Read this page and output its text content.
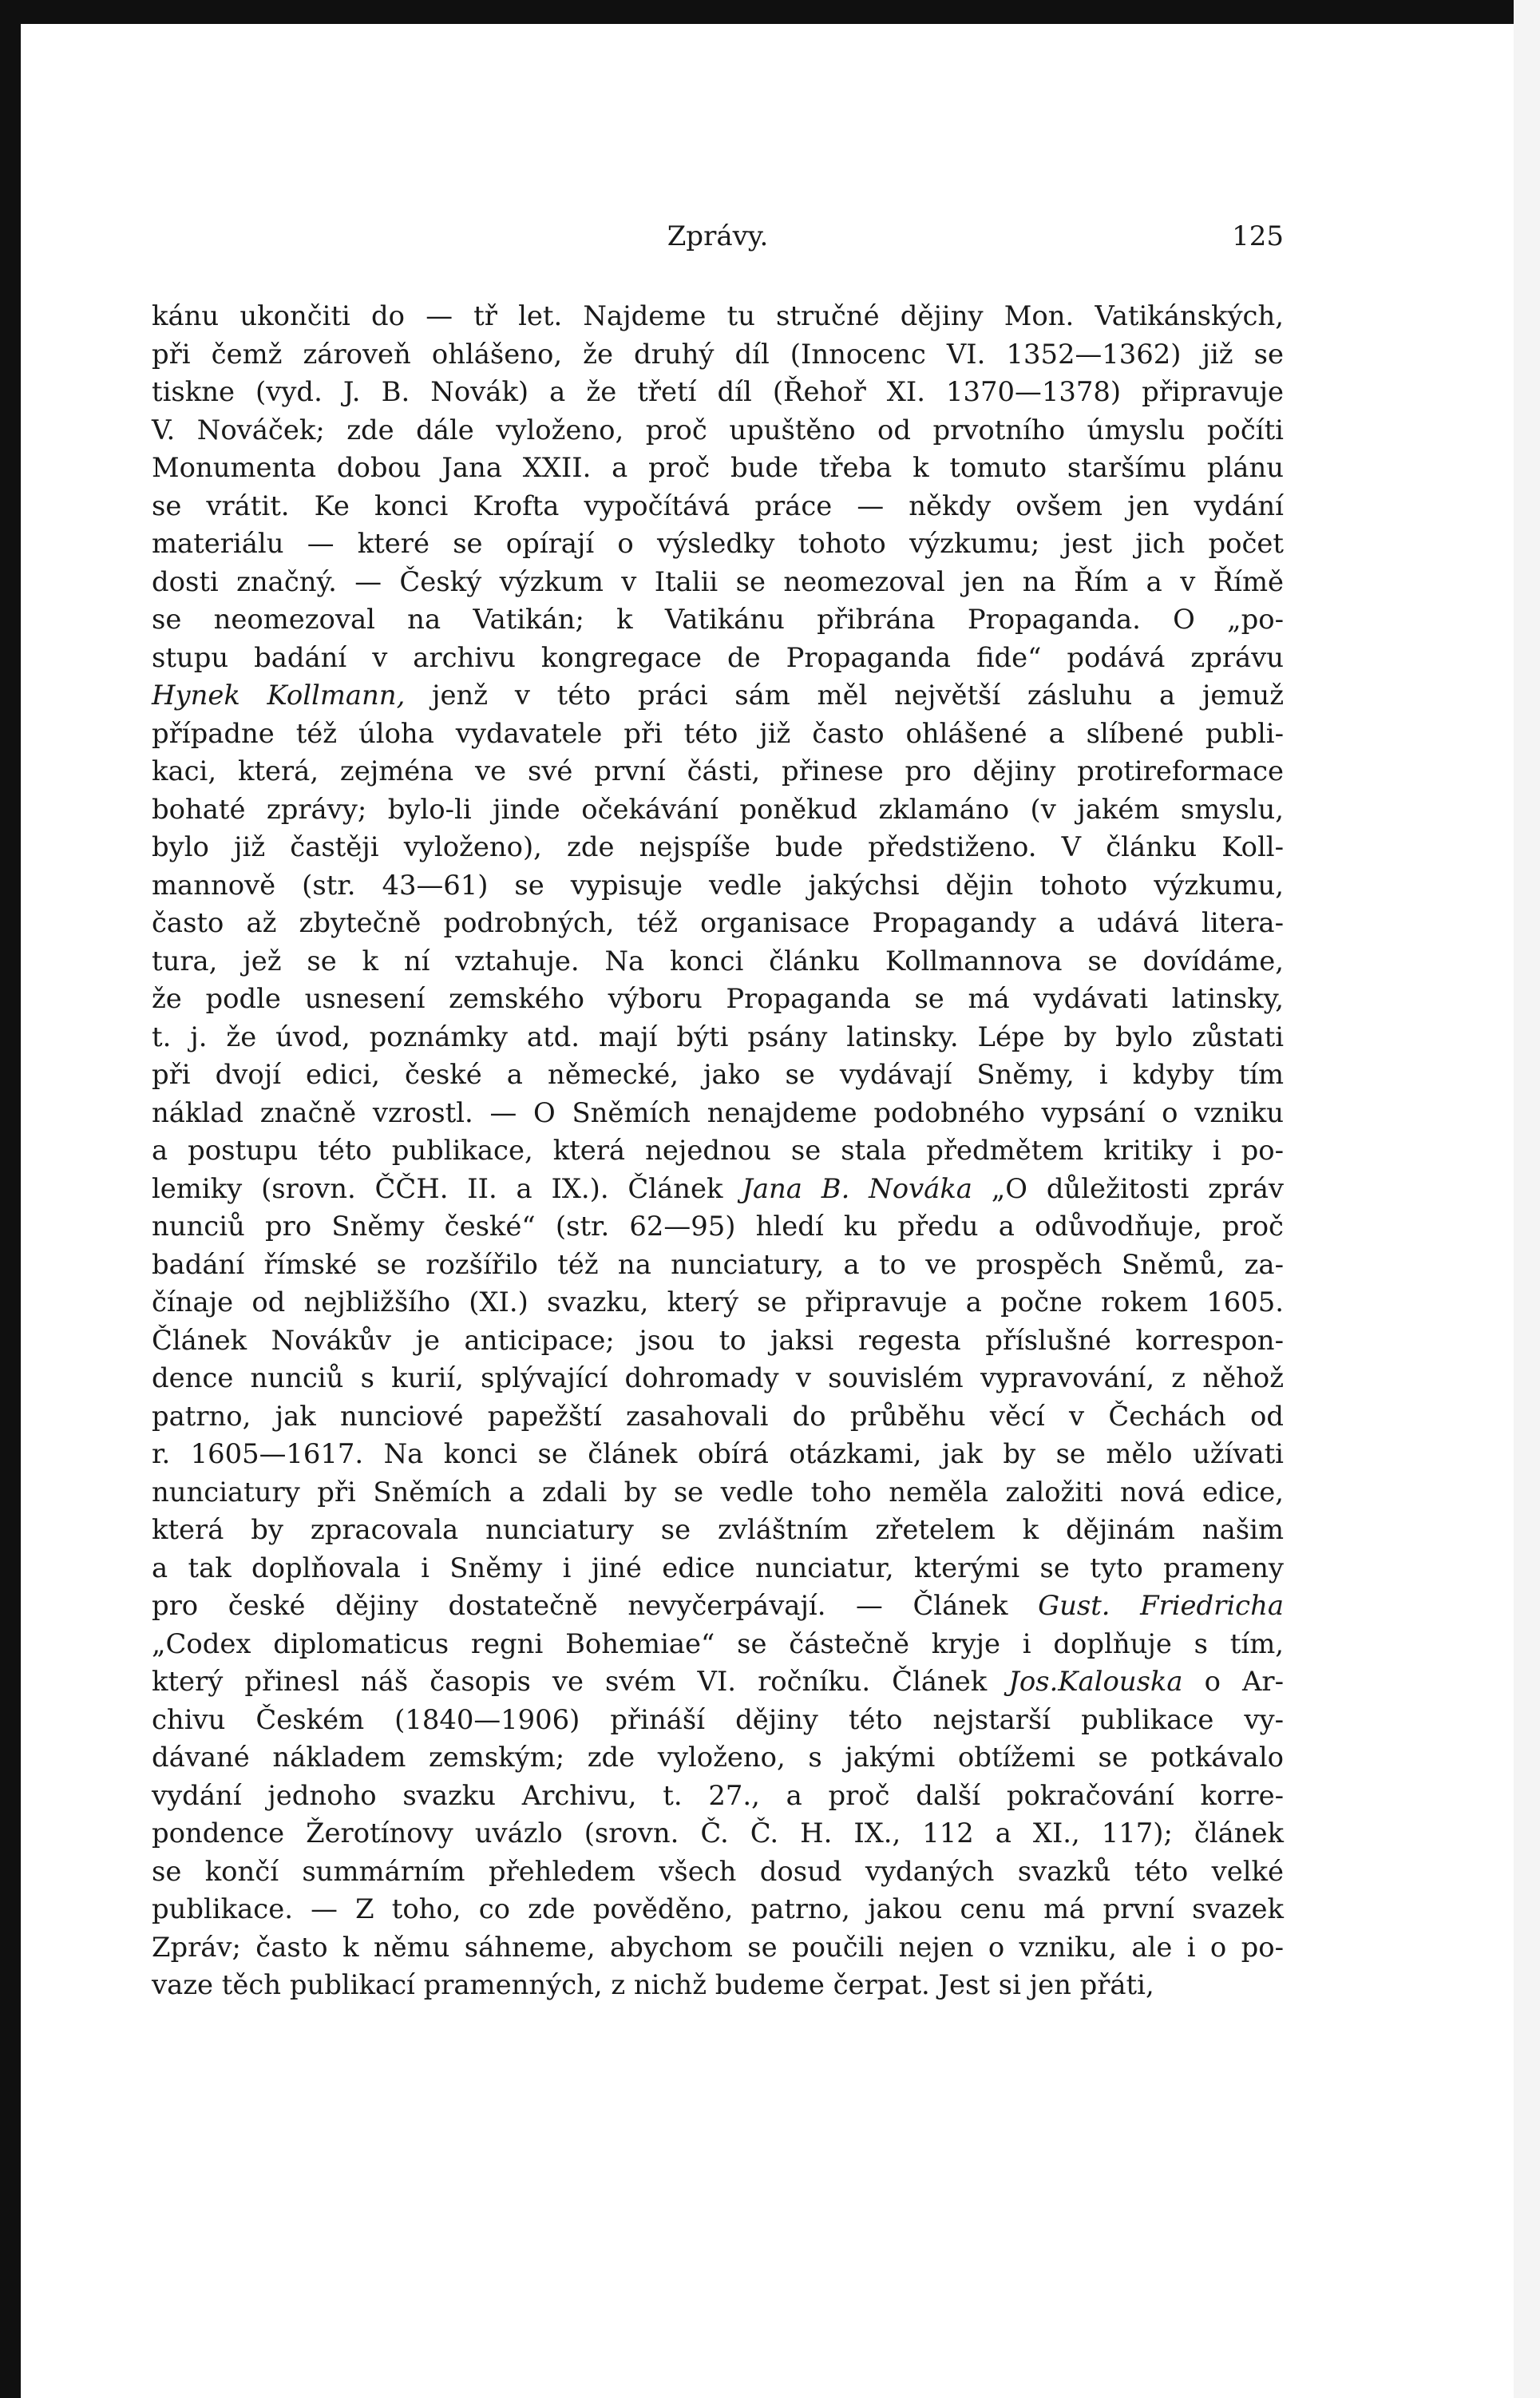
Zprávy.	125
kánu ukončiti do — tř let. Najdeme tu stručné dějiny Mon. Vatikánských,
při čemž zároveň ohlášeno, že druhý díl (Innocenc VI. 1352—1362) již se
tiskne (vyd. J. B. Novák) a že třetí díl (Řehoř XI. 1370—1378) připravuje
V. Nováček; zde dále vyloženo, proč upuštěno od prvotního úmyslu počíti
Monumenta dobou Jana XXII. a proč bude třeba k tomuto staršímu plánu
se vrátit. Ke konci Krofta vypočítává práce — někdy ovšem jen vydání
materiálu — které se opírají o výsledky tohoto výzkumu; jest jich počet
dosti značný. — Český výzkum v Italii se neomezoval jen na Řím a v Římě
se neomezoval na Vatikán; k Vatikánu přibrána Propaganda. O „po-
stupu badání v archivu kongregace de Propaganda fide“ podává zprávu
Hynek Kollmann, jenž v této práci sám měl největší zásluhu a jemuž
případne též úloha vydavatele při této již často ohlášené a slíbené publi-
kaci, která, zejména ve své první části, přinese pro dějiny protireformace
bohaté zprávy; bylo-li jinde očekávání poněkud zklamáno (v jakém smyslu,
bylo již častěji vyloženo), zde nejspíše bude předstiženo. V článku Koll-
mannově (str. 43—61) se vypisuje vedle jakýchsi dějin tohoto výzkumu,
často až zbytečně podrobných, též organisace Propagandy a udává litera-
tura, jež se k ní vztahuje. Na konci článku Kollmannova se dovídáme,
že podle usnesení zemského výboru Propaganda se má vydávati latinsky,
t. j. že úvod, poznámky atd. mají býti psány latinsky. Lépe by bylo zůstati
při dvojí edici, české a německé, jako se vydávají Sněmy, i kdyby tím
náklad značně vzrostl. — O Sněmích nenajdeme podobného vypsání o vzniku
a postupu této publikace, která nejednou se stala předmětem kritiky i po-
lemiky (srovn. ČČH. II. a IX.). Článek Jana B. Nováka „O důležitosti zpráv
nunciů pro Sněmy české“ (str. 62—95) hledí ku předu a odůvodňuje, proč
badání římské se rozšířilo též na nunciatury, a to ve prospěch Sněmů, za-
čínaje od nejbližšího (XI.) svazku, který se připravuje a počne rokem 1605.
Článek Novákův je anticipace; jsou to jaksi regesta příslušné korrespon-
dence nunciů s kurií, splývající dohromady v souvislém vypravování, z něhož
patrno, jak nunciové papežští zasahovali do průběhu věcí v Čechách od
r. 1605—1617. Na konci se článek obírá otázkami, jak by se mělo užívati
nunciatury při Sněmích a zdali by se vedle toho neměla založiti nová edice,
která by zpracovala nunciatury se zvláštním zřetelem k dějinám našim
a tak doplňovala i Sněmy i jiné edice nunciatur, kterými se tyto prameny
pro české dějiny dostatečně nevyčerpávají. — Článek Gust. Friedricha
„Codex diplomaticus regni Bohemiae“ se částečně kryje i doplňuje s tím,
který přinesl náš časopis ve svém VI. ročníku. Článek Jos.Kalouska o Ar-
chivu Českém (1840—1906) přináší dějiny této nejstarší publikace vy-
dávané nákladem zemským; zde vyloženo, s jakými obtížemi se potkávalo
vydání jednoho svazku Archivu, t. 27., a proč další pokračování korre-
pondence Žerotínovy uvázlo (srovn. Č. Č. H. IX., 112 a XI., 117); článek
se končí summárním přehledem všech dosud vydaných svazků této velké
publikace. — Z toho, co zde pověděno, patrno, jakou cenu má první svazek
Zpráv; často k němu sáhneme, abychom se poučili nejen o vzniku, ale i o po-
vaze těch publikací pramenných, z nichž budeme čerpat. Jest si jen přáti,
